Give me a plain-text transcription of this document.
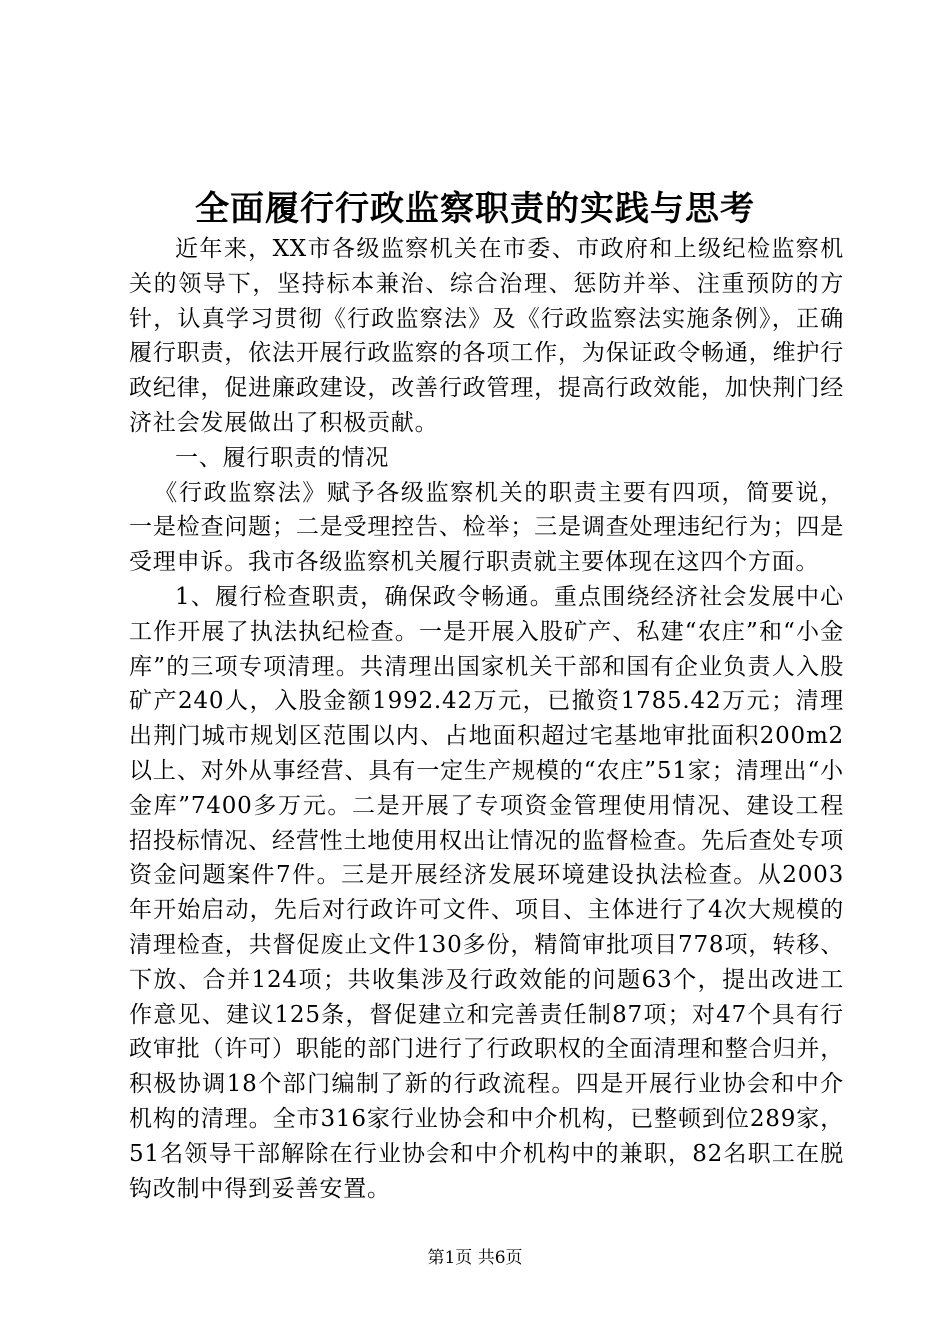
全面履行行政监察职责的实践与思考

近年来，XX市各级监察机关在市委、市政府和上级纪检监察机关的领导下，坚持标本兼治、综合治理、惩防并举、注重预防的方针，认真学习贯彻《行政监察法》及《行政监察法实施条例》，正确履行职责，依法开展行政监察的各项工作，为保证政令畅通，维护行政纪律，促进廉政建设，改善行政管理，提高行政效能，加快荆门经济社会发展做出了积极贡献。

一、履行职责的情况

《行政监察法》赋予各级监察机关的职责主要有四项，简要说，一是检查问题；二是受理控告、检举；三是调查处理违纪行为；四是受理申诉。我市各级监察机关履行职责就主要体现在这四个方面。

1、履行检查职责，确保政令畅通。重点围绕经济社会发展中心工作开展了执法执纪检查。一是开展入股矿产、私建“农庄”和“小金库”的三项专项清理。共清理出国家机关干部和国有企业负责人入股矿产240人，入股金额1992.42万元，已撤资1785.42万元；清理出荆门城市规划区范围以内、占地面积超过宅基地审批面积200m2以上、对外从事经营、具有一定生产规模的“农庄”51家；清理出“小金库”7400多万元。二是开展了专项资金管理使用情况、建设工程招投标情况、经营性土地使用权出让情况的监督检查。先后查处专项资金问题案件7件。三是开展经济发展环境建设执法检查。从2003年开始启动，先后对行政许可文件、项目、主体进行了4次大规模的清理检查，共督促废止文件130多份，精简审批项目778项，转移、下放、合并124项；共收集涉及行政效能的问题63个，提出改进工作意见、建议125条，督促建立和完善责任制87项；对47个具有行政审批（许可）职能的部门进行了行政职权的全面清理和整合归并，积极协调18个部门编制了新的行政流程。四是开展行业协会和中介机构的清理。全市316家行业协会和中介机构，已整顿到位289家，51名领导干部解除在行业协会和中介机构中的兼职，82名职工在脱钩改制中得到妥善安置。

第1页 共6页
